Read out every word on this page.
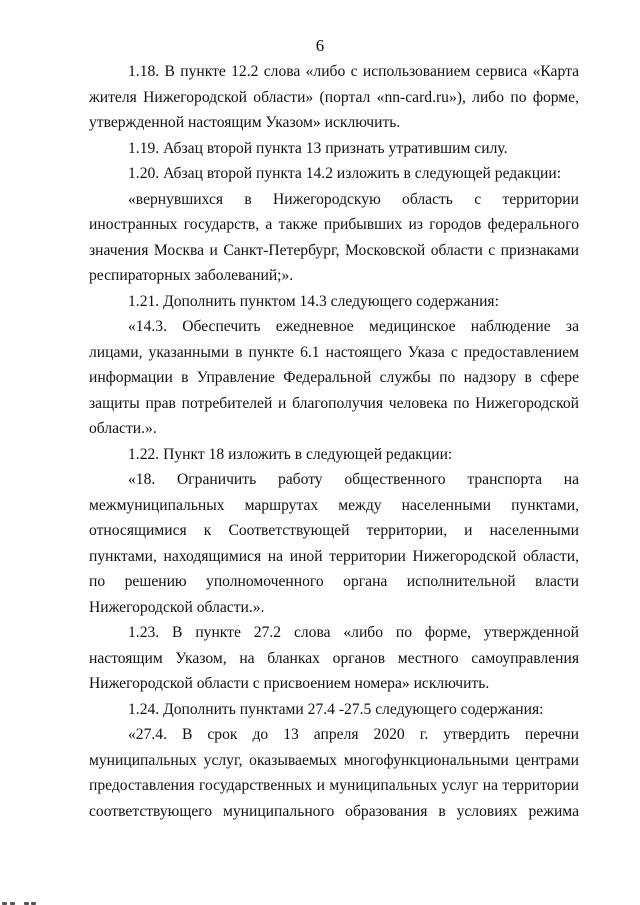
6

1.18. В пункте 12.2 слова «либо с использованием сервиса «Карта жителя Нижегородской области» (портал «nn-card.ru»), либо по форме, утвержденной настоящим Указом» исключить.

1.19. Абзац второй пункта 13 признать утратившим силу.

1.20. Абзац второй пункта 14.2 изложить в следующей редакции:

«вернувшихся в Нижегородскую область с территории иностранных государств, а также прибывших из городов федерального значения Москва и Санкт-Петербург, Московской области с признаками респираторных заболеваний;».

1.21. Дополнить пунктом 14.3 следующего содержания:

«14.3. Обеспечить ежедневное медицинское наблюдение за лицами, указанными в пункте 6.1 настоящего Указа с предоставлением информации в Управление Федеральной службы по надзору в сфере защиты прав потребителей и благополучия человека по Нижегородской области.».

1.22. Пункт 18 изложить в следующей редакции:

«18. Ограничить работу общественного транспорта на межмуниципальных маршрутах между населенными пунктами, относящимися к Соответствующей территории, и населенными пунктами, находящимися на иной территории Нижегородской области, по решению уполномоченного органа исполнительной власти Нижегородской области.».

1.23. В пункте 27.2 слова «либо по форме, утвержденной настоящим Указом, на бланках органов местного самоуправления Нижегородской области с присвоением номера» исключить.

1.24. Дополнить пунктами 27.4 -27.5 следующего содержания:

«27.4. В срок до 13 апреля 2020 г. утвердить перечни муниципальных услуг, оказываемых многофункциональными центрами предоставления государственных и муниципальных услуг на территории соответствующего муниципального образования в условиях режима
